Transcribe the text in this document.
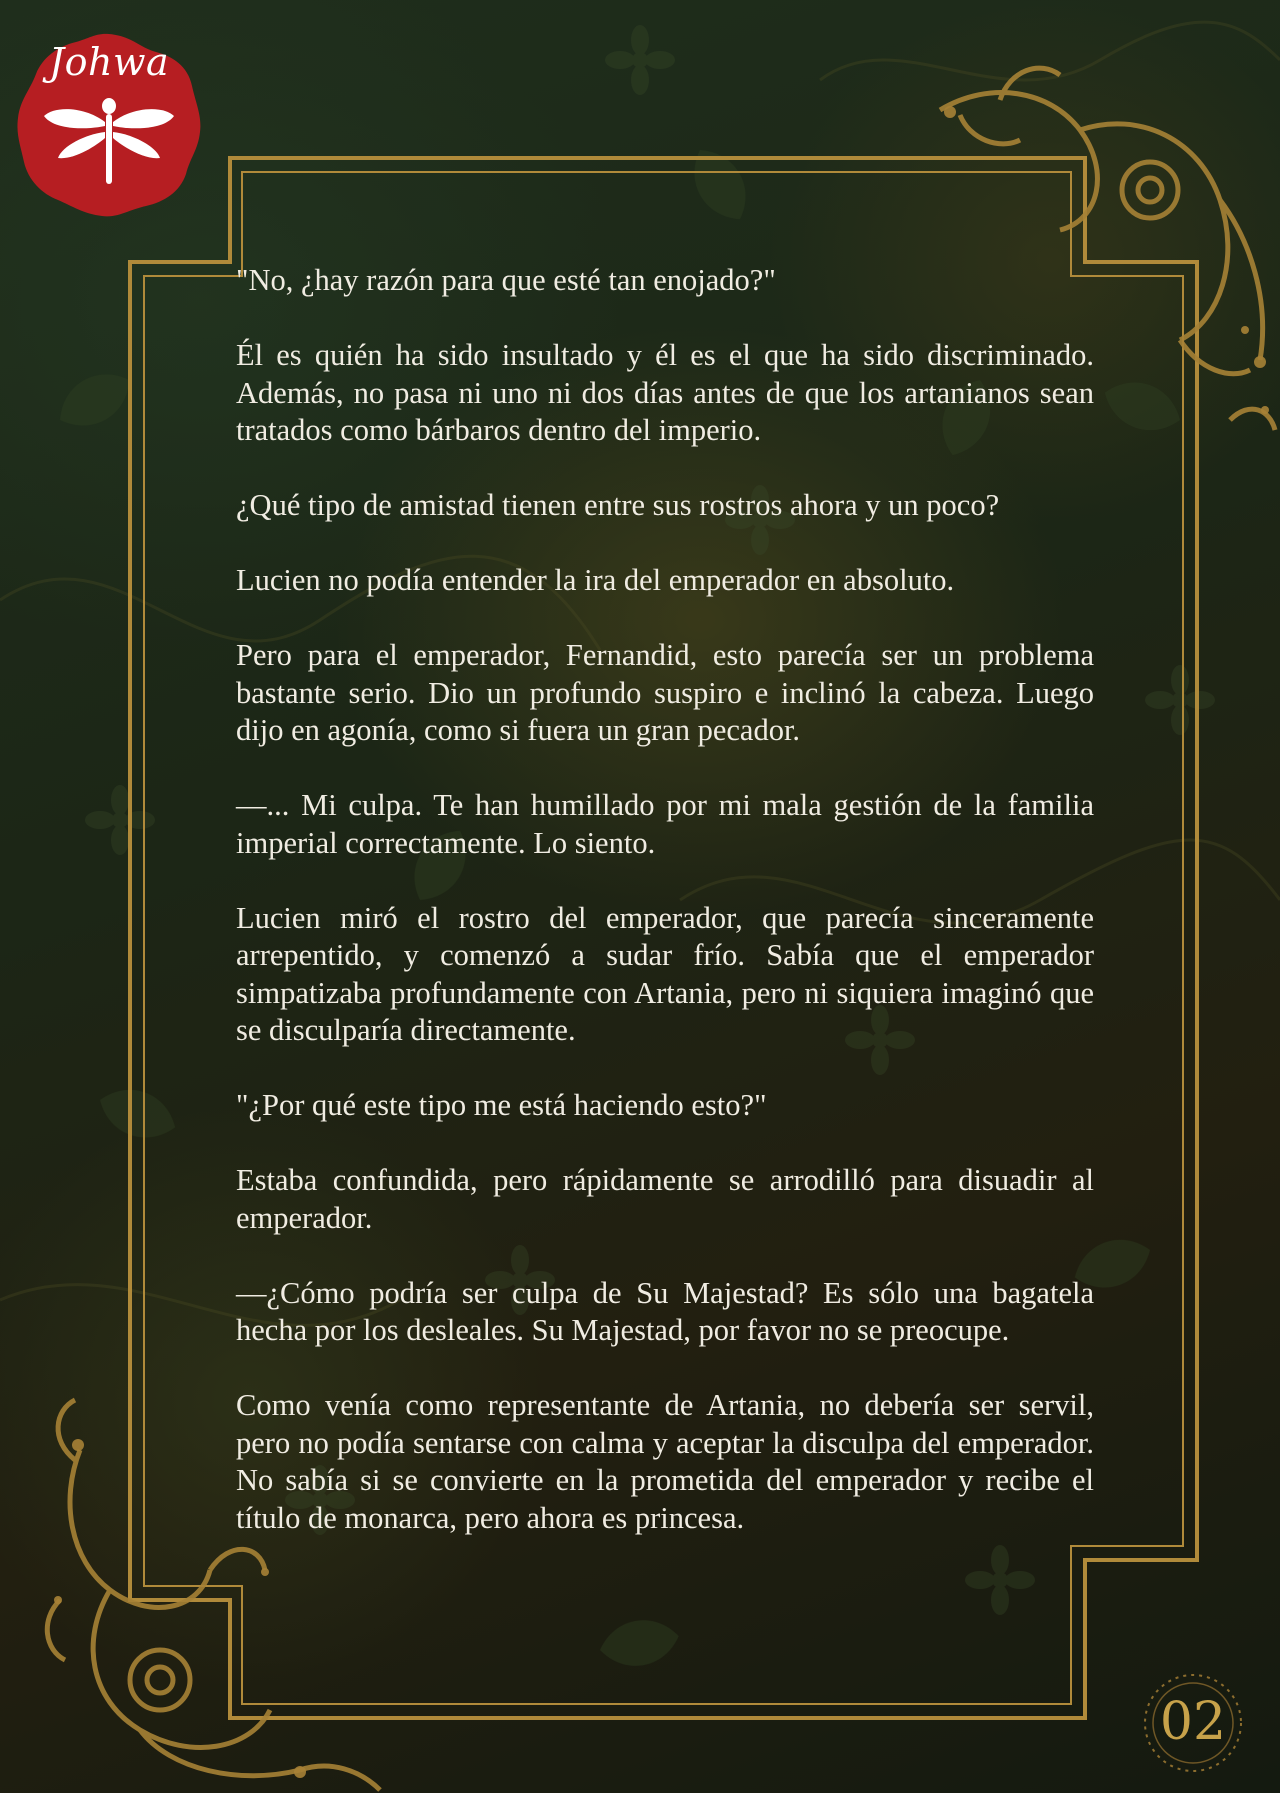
Johwa

"No, ¿hay razón para que esté tan enojado?"

Él es quién ha sido insultado y él es el que ha sido discriminado. Además, no pasa ni uno ni dos días antes de que los artanianos sean tratados como bárbaros dentro del imperio.

¿Qué tipo de amistad tienen entre sus rostros ahora y un poco?

Lucien no podía entender la ira del emperador en absoluto.

Pero para el emperador, Fernandid, esto parecía ser un problema bastante serio. Dio un profundo suspiro e inclinó la cabeza. Luego dijo en agonía, como si fuera un gran pecador.

—... Mi culpa. Te han humillado por mi mala gestión de la familia imperial correctamente. Lo siento.

Lucien miró el rostro del emperador, que parecía sinceramente arrepentido, y comenzó a sudar frío. Sabía que el emperador simpatizaba profundamente con Artania, pero ni siquiera imaginó que se disculparía directamente.

"¿Por qué este tipo me está haciendo esto?"

Estaba confundida, pero rápidamente se arrodilló para disuadir al emperador.

—¿Cómo podría ser culpa de Su Majestad? Es sólo una bagatela hecha por los desleales. Su Majestad, por favor no se preocupe.

Como venía como representante de Artania, no debería ser servil, pero no podía sentarse con calma y aceptar la disculpa del emperador. No sabía si se convierte en la prometida del emperador y recibe el título de monarca, pero ahora es princesa.

02
